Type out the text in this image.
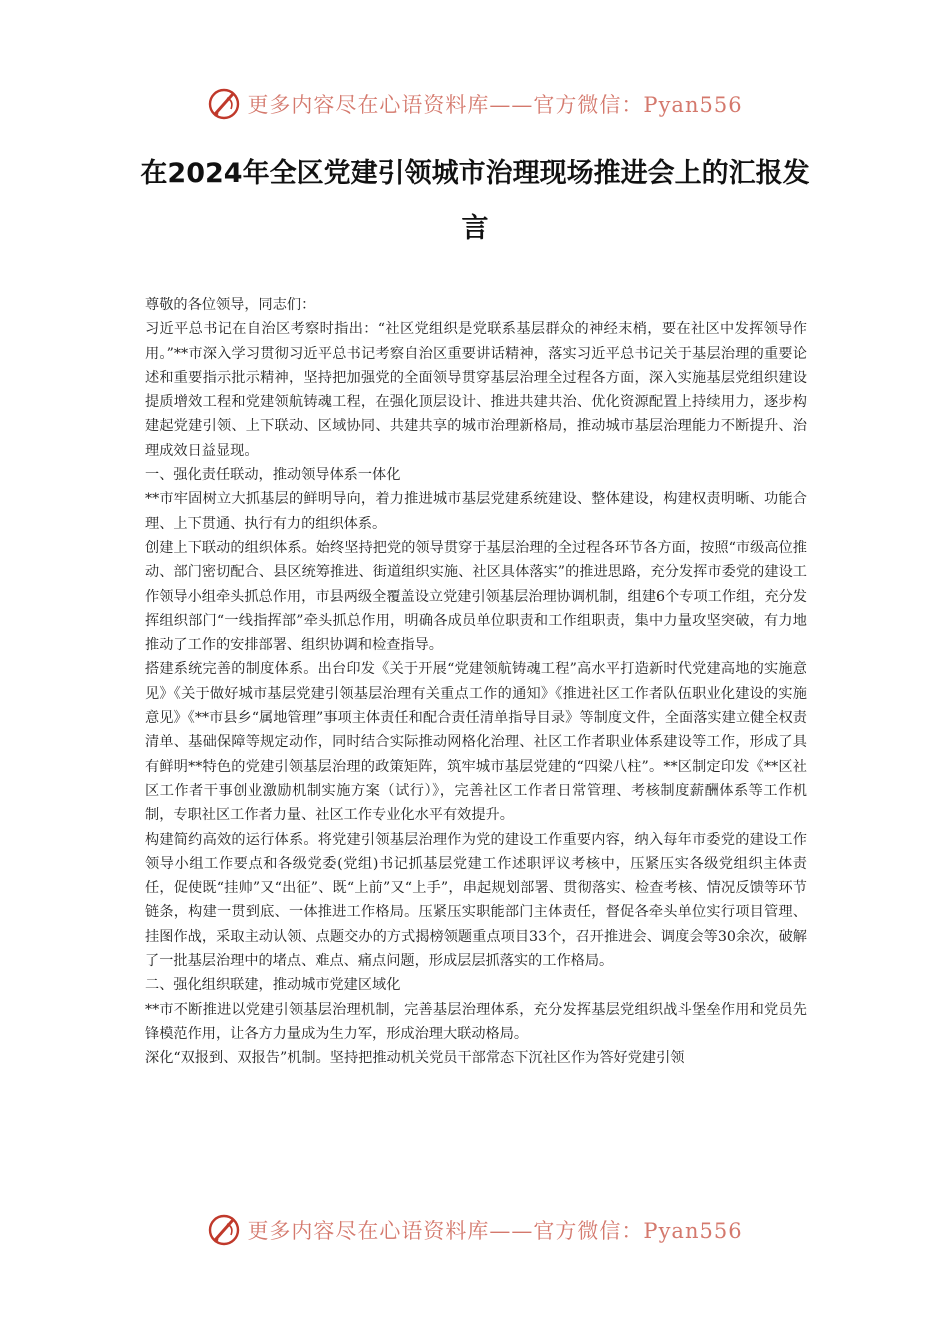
更多内容尽在心语资料库——官方微信：Pyan556
在2024年全区党建引领城市治理现场推进会上的汇报发言

尊敬的各位领导，同志们：

习近平总书记在自治区考察时指出：“社区党组织是党联系基层群众的神经末梢，要在社区中发挥领导作用。”**市深入学习贯彻习近平总书记考察自治区重要讲话精神，落实习近平总书记关于基层治理的重要论述和重要指示批示精神，坚持把加强党的全面领导贯穿基层治理全过程各方面，深入实施基层党组织建设提质增效工程和党建领航铸魂工程，在强化顶层设计、推进共建共治、优化资源配置上持续用力，逐步构建起党建引领、上下联动、区域协同、共建共享的城市治理新格局，推动城市基层治理能力不断提升、治理成效日益显现。

一、强化责任联动，推动领导体系一体化

**市牢固树立大抓基层的鲜明导向，着力推进城市基层党建系统建设、整体建设，构建权责明晰、功能合理、上下贯通、执行有力的组织体系。

创建上下联动的组织体系。始终坚持把党的领导贯穿于基层治理的全过程各环节各方面，按照“市级高位推动、部门密切配合、县区统筹推进、街道组织实施、社区具体落实”的推进思路，充分发挥市委党的建设工作领导小组牵头抓总作用，市县两级全覆盖设立党建引领基层治理协调机制，组建6个专项工作组，充分发挥组织部门“一线指挥部”牵头抓总作用，明确各成员单位职责和工作组职责，集中力量攻坚突破，有力地推动了工作的安排部署、组织协调和检查指导。

搭建系统完善的制度体系。出台印发《关于开展“党建领航铸魂工程”高水平打造新时代党建高地的实施意见》《关于做好城市基层党建引领基层治理有关重点工作的通知》《推进社区工作者队伍职业化建设的实施意见》《**市县乡“属地管理”事项主体责任和配合责任清单指导目录》等制度文件，全面落实建立健全权责清单、基础保障等规定动作，同时结合实际推动网格化治理、社区工作者职业体系建设等工作，形成了具有鲜明**特色的党建引领基层治理的政策矩阵，筑牢城市基层党建的“四梁八柱”。**区制定印发《**区社区工作者干事创业激励机制实施方案（试行）》，完善社区工作者日常管理、考核制度薪酬体系等工作机制，专职社区工作者力量、社区工作专业化水平有效提升。

构建简约高效的运行体系。将党建引领基层治理作为党的建设工作重要内容，纳入每年市委党的建设工作领导小组工作要点和各级党委(党组)书记抓基层党建工作述职评议考核中，压紧压实各级党组织主体责任，促使既“挂帅”又“出征”、既“上前”又“上手”，串起规划部署、贯彻落实、检查考核、情况反馈等环节链条，构建一贯到底、一体推进工作格局。压紧压实职能部门主体责任，督促各牵头单位实行项目管理、挂图作战，采取主动认领、点题交办的方式揭榜领题重点项目33个，召开推进会、调度会等30余次，破解了一批基层治理中的堵点、难点、痛点问题，形成层层抓落实的工作格局。

二、强化组织联建，推动城市党建区域化

**市不断推进以党建引领基层治理机制，完善基层治理体系，充分发挥基层党组织战斗堡垒作用和党员先锋模范作用，让各方力量成为生力军，形成治理大联动格局。

深化“双报到、双报告”机制。坚持把推动机关党员干部常态下沉社区作为答好党建引领

更多内容尽在心语资料库——官方微信：Pyan556
